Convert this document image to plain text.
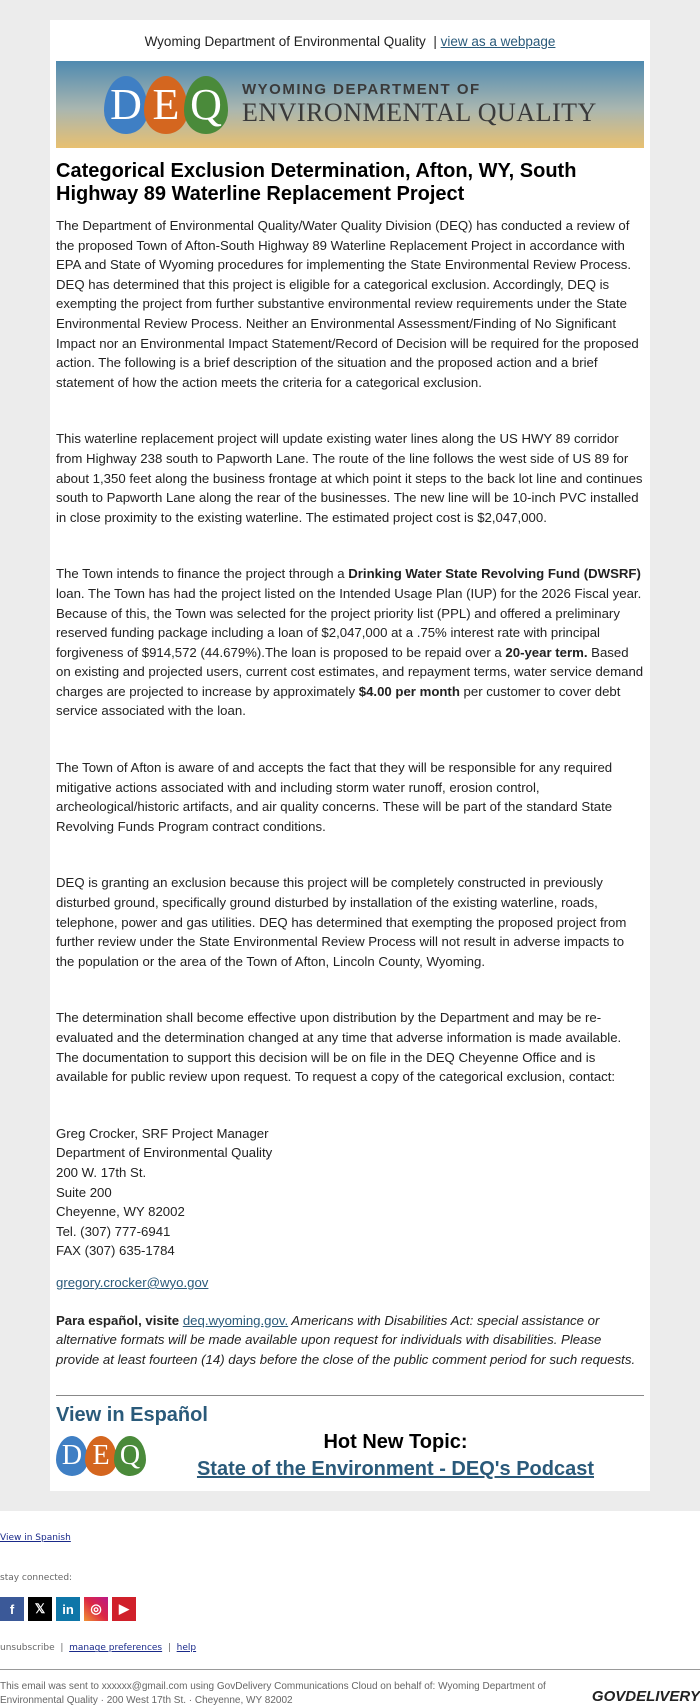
Wyoming Department of Environmental Quality | view as a webpage
D E Q	WYOMING DEPARTMENT OF
ENVIRONMENTAL QUALITY
Categorical Exclusion Determination, Afton, WY, South Highway 89 Waterline Replacement Project

The Department of Environmental Quality/Water Quality Division (DEQ) has conducted a review of the proposed Town of Afton-South Highway 89 Waterline Replacement Project in accordance with EPA and State of Wyoming procedures for implementing the State Environmental Review Process. DEQ has determined that this project is eligible for a categorical exclusion. Accordingly, DEQ is exempting the project from further substantive environmental review requirements under the State Environmental Review Process. Neither an Environmental Assessment/Finding of No Significant Impact nor an Environmental Impact Statement/Record of Decision will be required for the proposed action. The following is a brief description of the situation and the proposed action and a brief statement of how the action meets the criteria for a categorical exclusion.

This waterline replacement project will update existing water lines along the US HWY 89 corridor from Highway 238 south to Papworth Lane. The route of the line follows the west side of US 89 for about 1,350 feet along the business frontage at which point it steps to the back lot line and continues south to Papworth Lane along the rear of the businesses. The new line will be 10-inch PVC installed in close proximity to the existing waterline. The estimated project cost is $2,047,000.

The Town intends to finance the project through a Drinking Water State Revolving Fund (DWSRF) loan. The Town has had the project listed on the Intended Usage Plan (IUP) for the 2026 Fiscal year. Because of this, the Town was selected for the project priority list (PPL) and offered a preliminary reserved funding package including a loan of $2,047,000 at a .75% interest rate with principal forgiveness of $914,572 (44.679%).The loan is proposed to be repaid over a 20-year term. Based on existing and projected users, current cost estimates, and repayment terms, water service demand charges are projected to increase by approximately $4.00 per month per customer to cover debt service associated with the loan.

The Town of Afton is aware of and accepts the fact that they will be responsible for any required mitigative actions associated with and including storm water runoff, erosion control, archeological/historic artifacts, and air quality concerns. These will be part of the standard State Revolving Funds Program contract conditions.

DEQ is granting an exclusion because this project will be completely constructed in previously disturbed ground, specifically ground disturbed by installation of the existing waterline, roads, telephone, power and gas utilities. DEQ has determined that exempting the proposed project from further review under the State Environmental Review Process will not result in adverse impacts to the population or the area of the Town of Afton, Lincoln County, Wyoming.

The determination shall become effective upon distribution by the Department and may be re-evaluated and the determination changed at any time that adverse information is made available. The documentation to support this decision will be on file in the DEQ Cheyenne Office and is available for public review upon request. To request a copy of the categorical exclusion, contact:

Greg Crocker, SRF Project Manager
Department of Environmental Quality
200 W. 17th St.
Suite 200
Cheyenne, WY 82002
Tel. (307) 777-6941
FAX (307) 635-1784
gregory.crocker@wyo.gov

Para español, visite deq.wyoming.gov. Americans with Disabilities Act: special assistance or alternative formats will be made available upon request for individuals with disabilities. Please provide at least fourteen (14) days before the close of the public comment period for such requests.

View in Español
D E Q	Hot New Topic:
State of the Environment - DEQ's Podcast
View in Spanish
stay connected:
f	𝕏	in	◎	▶
unsubscribe | manage preferences | help
This email was sent to xxxxxx@gmail.com using GovDelivery Communications Cloud on behalf of: Wyoming Department of
Environmental Quality · 200 West 17th St. · Cheyenne, WY 82002	GOVDELIVERY
